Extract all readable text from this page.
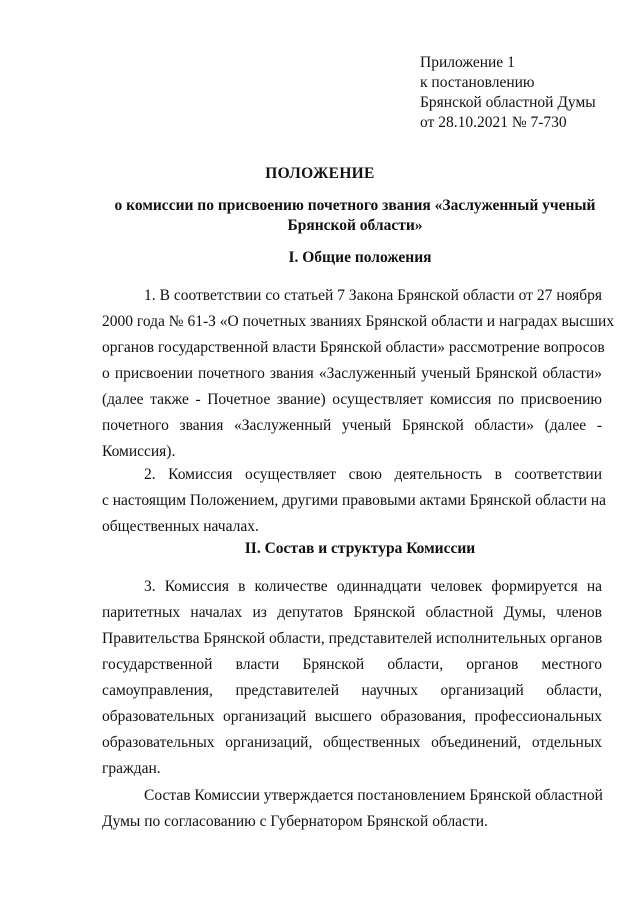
Приложение 1
к постановлению
Брянской областной Думы
от 28.10.2021 № 7-730
ПОЛОЖЕНИЕ
о комиссии по присвоению почетного звания «Заслуженный ученый
Брянской области»
I. Общие положения
1. В соответствии со статьей 7 Закона Брянской области от 27 ноября
2000 года № 61-З «О почетных званиях Брянской области и наградах высших
органов государственной власти Брянской области» рассмотрение вопросов
о присвоении почетного звания «Заслуженный ученый Брянской области»
(далее также - Почетное звание) осуществляет комиссия по присвоению
почетного звания «Заслуженный ученый Брянской области» (далее -
Комиссия).
2. Комиссия осуществляет свою деятельность в соответствии
с настоящим Положением, другими правовыми актами Брянской области на
общественных началах.
II. Состав и структура Комиссии
3. Комиссия в количестве одиннадцати человек формируется на
паритетных началах из депутатов Брянской областной Думы, членов
Правительства Брянской области, представителей исполнительных органов
государственной власти Брянской области, органов местного
самоуправления, представителей научных организаций области,
образовательных организаций высшего образования, профессиональных
образовательных организаций, общественных объединений, отдельных
граждан.
Состав Комиссии утверждается постановлением Брянской областной
Думы по согласованию с Губернатором Брянской области.
